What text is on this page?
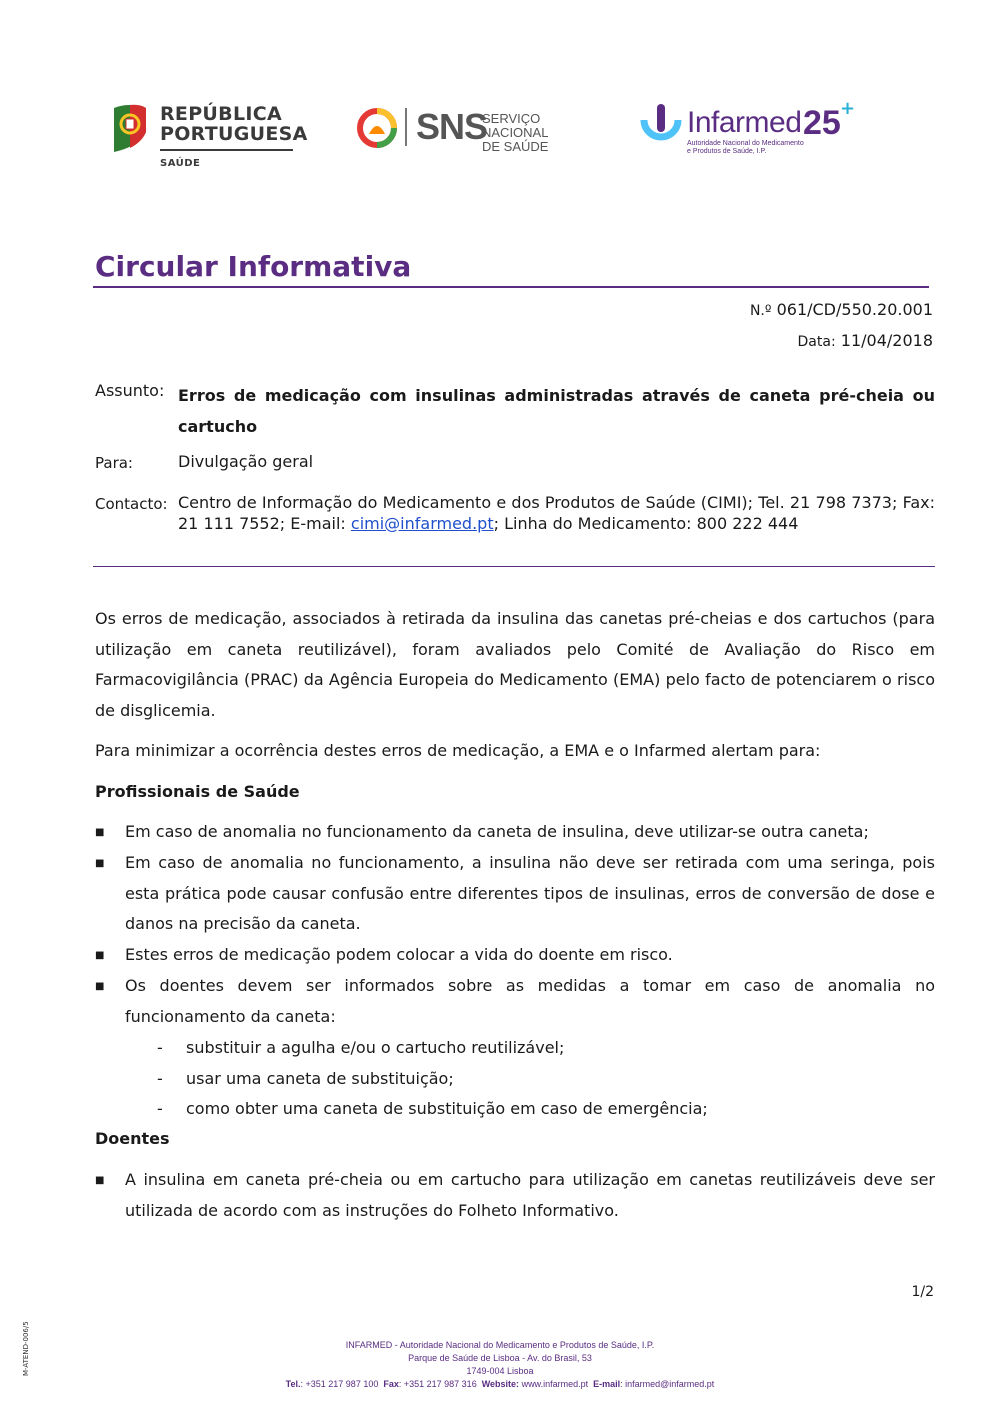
REPÚBLICA
PORTUGUESA
SAÚDE
SNS
SERVIÇO NACIONAL
DE SAÚDE
Infarmed 25 +
Autoridade Nacional do Medicamento
e Produtos de Saúde, I.P.
Circular Informativa
N.º 061/CD/550.20.001
Data: 11/04/2018
Assunto: Erros de medicação com insulinas administradas através de caneta pré-cheia ou cartucho
Para:	Divulgação geral
Contacto: Centro de Informação do Medicamento e dos Produtos de Saúde (CIMI); Tel. 21 798 7373; Fax: 21 111 7552; E-mail: cimi@infarmed.pt; Linha do Medicamento: 800 222 444
Os erros de medicação, associados à retirada da insulina das canetas pré-cheias e dos cartuchos (para utilização em caneta reutilizável), foram avaliados pelo Comité de Avaliação do Risco em Farmacovigilância (PRAC) da Agência Europeia do Medicamento (EMA) pelo facto de potenciarem o risco de disglicemia.
Para minimizar a ocorrência destes erros de medicação, a EMA e o Infarmed alertam para:
Profissionais de Saúde
■ Em caso de anomalia no funcionamento da caneta de insulina, deve utilizar-se outra caneta;
■ Em caso de anomalia no funcionamento, a insulina não deve ser retirada com uma seringa, pois esta prática pode causar confusão entre diferentes tipos de insulinas, erros de conversão de dose e danos na precisão da caneta.
■ Estes erros de medicação podem colocar a vida do doente em risco.
■ Os doentes devem ser informados sobre as medidas a tomar em caso de anomalia no funcionamento da caneta:
- substituir a agulha e/ou o cartucho reutilizável;
- usar uma caneta de substituição;
- como obter uma caneta de substituição em caso de emergência;
Doentes
■ A insulina em caneta pré-cheia ou em cartucho para utilização em canetas reutilizáveis deve ser utilizada de acordo com as instruções do Folheto Informativo.
1/2
M-ATEND-006/5	INFARMED - Autoridade Nacional do Medicamento e Produtos de Saúde, I.P.
Parque de Saúde de Lisboa - Av. do Brasil, 53
1749-004 Lisboa
Tel.: +351 217 987 100 Fax: +351 217 987 316 Website: www.infarmed.pt E-mail: infarmed@infarmed.pt
